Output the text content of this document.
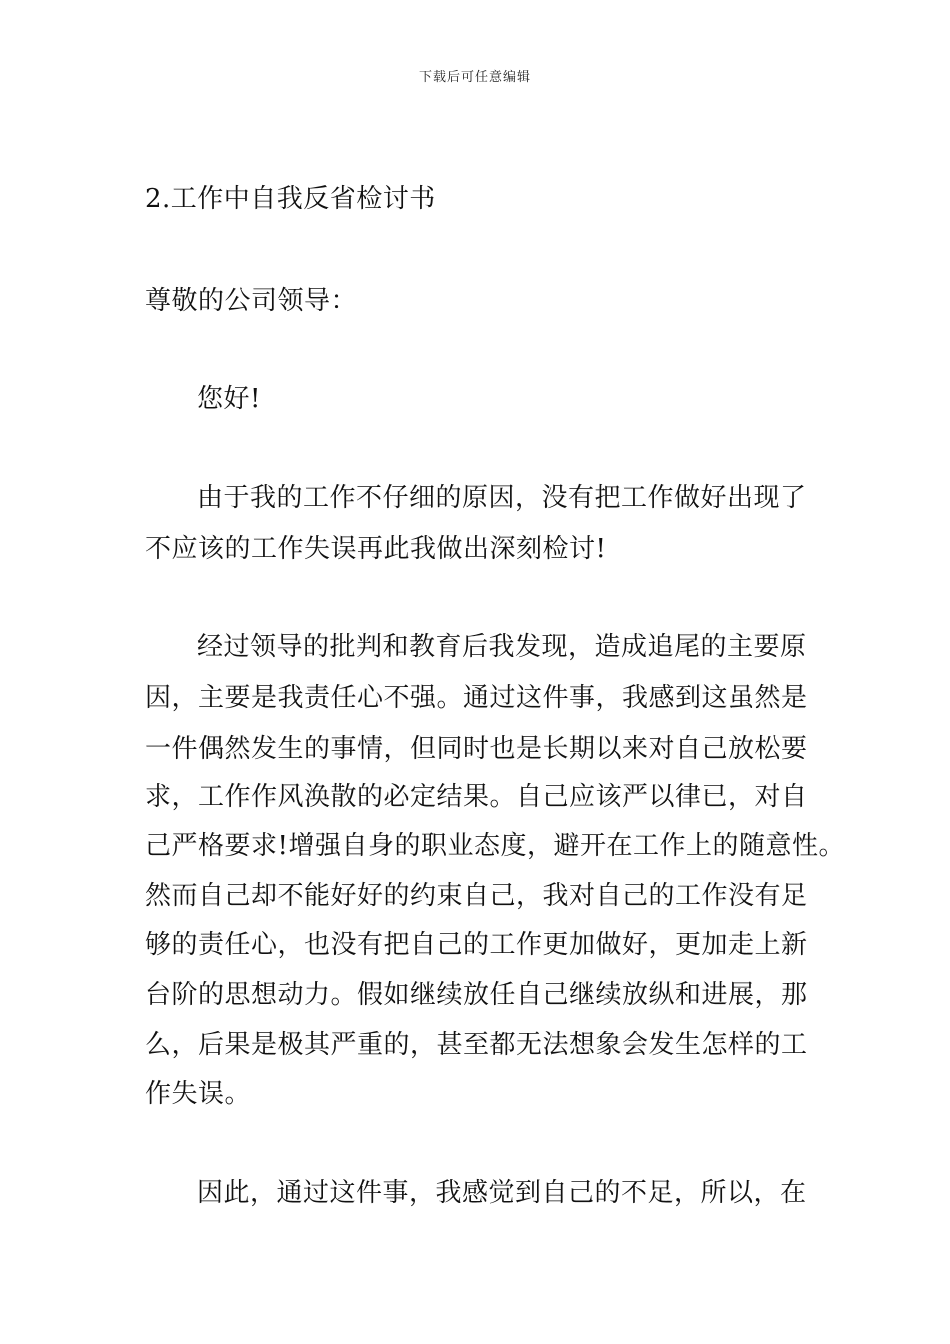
下载后可任意编辑
2.工作中自我反省检讨书
尊敬的公司领导：
您好!
由于我的工作不仔细的原因，没有把工作做好出现了
不应该的工作失误再此我做出深刻检讨!
经过领导的批判和教育后我发现，造成追尾的主要原
因，主要是我责任心不强。通过这件事，我感到这虽然是
一件偶然发生的事情，但同时也是长期以来对自己放松要
求，工作作风涣散的必定结果。自己应该严以律已，对自
己严格要求!增强自身的职业态度，避开在工作上的随意性。
然而自己却不能好好的约束自己，我对自己的工作没有足
够的责任心，也没有把自己的工作更加做好，更加走上新
台阶的思想动力。假如继续放任自己继续放纵和进展，那
么，后果是极其严重的，甚至都无法想象会发生怎样的工
作失误。
因此，通过这件事，我感觉到自己的不足，所以，在
